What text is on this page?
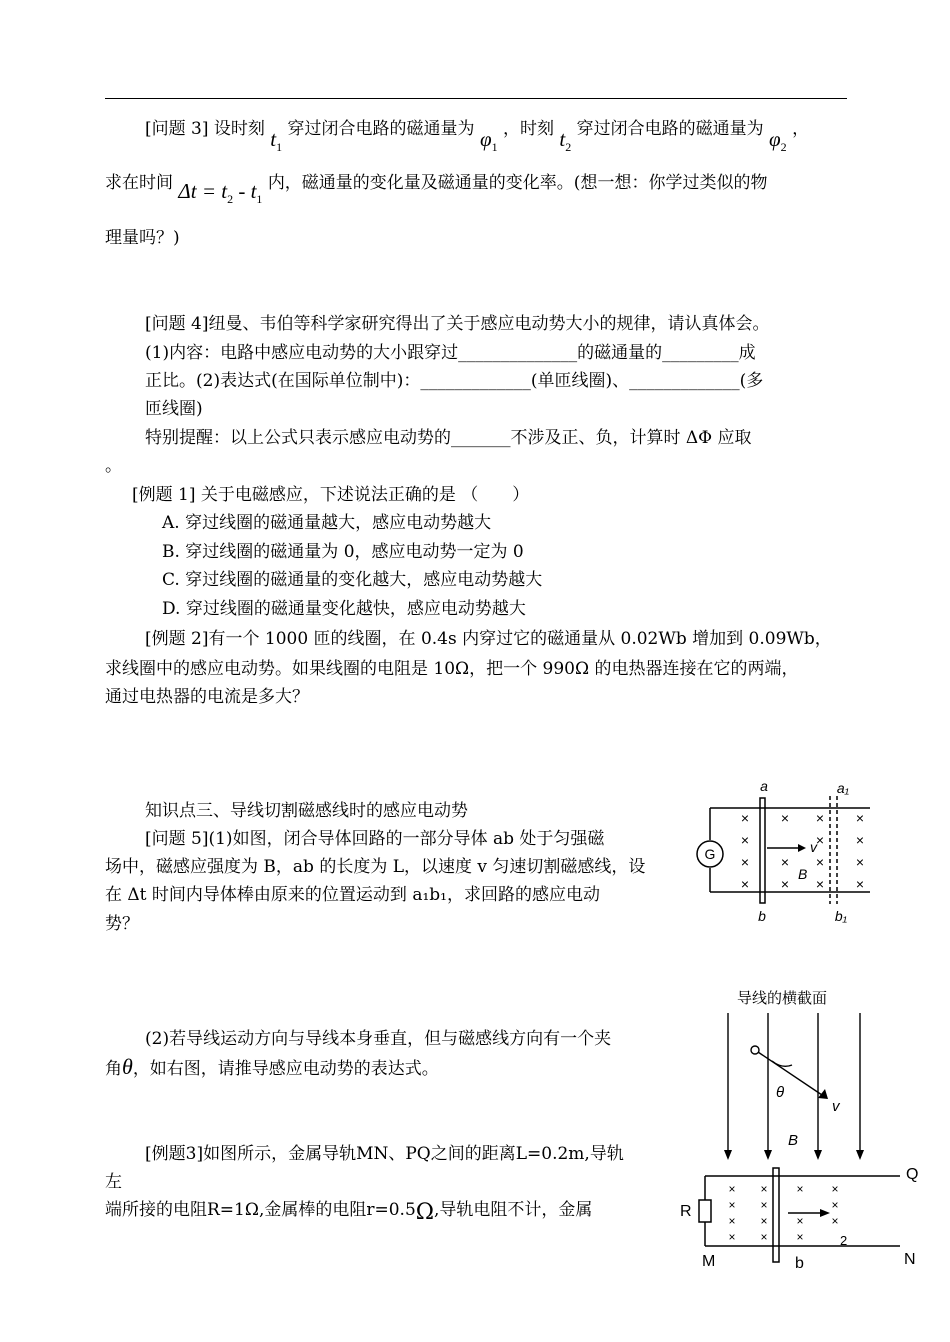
[问题 3] 设时刻 $t_1$ 穿过闭合电路的磁通量为 $\varphi_1$ ，时刻 $t_2$ 穿过闭合电路的磁通量为 $\varphi_2$ ，
求在时间 $\Delta t = t_2 - t_1$ 内，磁通量的变化量及磁通量的变化率。(想一想：你学过类似的物
理量吗？)
[问题 4]纽曼、韦伯等科学家研究得出了关于感应电动势大小的规律，请认真体会。
(1)内容：电路中感应电动势的大小跟穿过______________的磁通量的_________成
正比。(2)表达式(在国际单位制中)：_____________(单匝线圈)、_____________(多
匝线圈)
特别提醒：以上公式只表示感应电动势的_______不涉及正、负，计算时 ΔΦ 应取
。
[例题 1] 关于电磁感应，下述说法正确的是 （　　）
A. 穿过线圈的磁通量越大，感应电动势越大
B. 穿过线圈的磁通量为 0，感应电动势一定为 0
C. 穿过线圈的磁通量的变化越大，感应电动势越大
D. 穿过线圈的磁通量变化越快，感应电动势越大
[例题 2]有一个 1000 匝的线圈，在 0.4s 内穿过它的磁通量从 0.02Wb 增加到 0.09Wb，
求线圈中的感应电动势。如果线圈的电阻是 10Ω，把一个 990Ω 的电热器连接在它的两端，
通过电热器的电流是多大？
知识点三、导线切割磁感线时的感应电动势
[问题 5](1)如图，闭合导体回路的一部分导体 ab 处于匀强磁
场中，磁感应强度为 B，ab 的长度为 L，以速度 v 匀速切割磁感线，设
在 Δt 时间内导体棒由原来的位置运动到 a₁b₁，求回路的感应电动
势？
(2)若导线运动方向与导线本身垂直，但与磁感线方向有一个夹
角θ，如右图，请推导感应电动势的表达式。
[例题3]如图所示，金属导轨MN、PQ之间的距离L=0.2m,导轨
左
端所接的电阻R=1Ω,金属棒的电阻r=0.5Ω,导轨电阻不计，金属
×
×
×
×
×
×
×
×
×
×
×
×
×
×
×
G
a	a₁
b	b₁
v
B
导线的横截面
θ
v
B
×
×
×
×
×
×
×
×
×
×
×
×
×
×
Q
R
M	b	N
2
